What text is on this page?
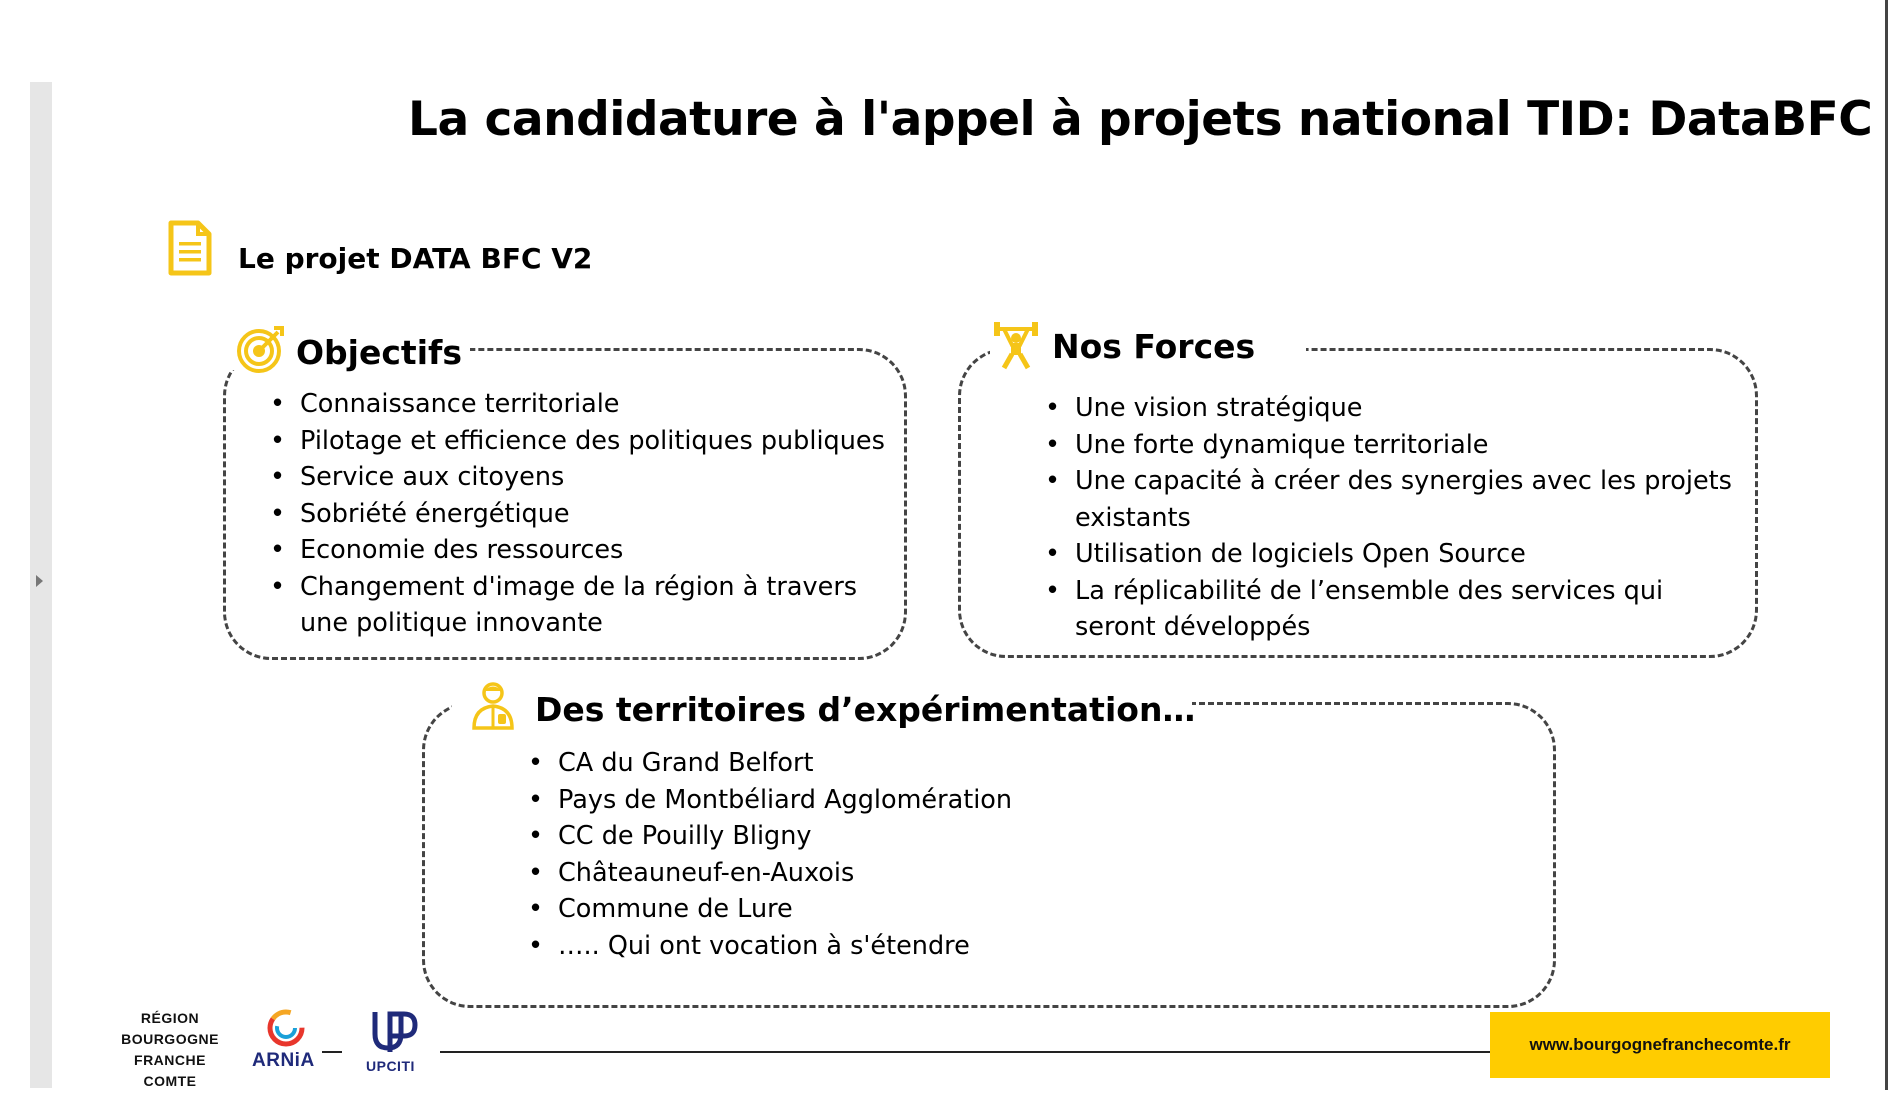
La candidature à l'appel à projets national TID: DataBFC
Le projet DATA BFC V2
Objectifs
• Connaissance territoriale
• Pilotage et efficience des politiques publiques
• Service aux citoyens
• Sobriété énergétique
• Economie des ressources
• Changement d'image de la région à travers une politique innovante
Nos Forces
• Une vision stratégique
• Une forte dynamique territoriale
• Une capacité à créer des synergies avec les projets existants
• Utilisation de logiciels Open Source
• La réplicabilité de l’ensemble des services qui seront développés
Des territoires d’expérimentation…
• CA du Grand Belfort
• Pays de Montbéliard Agglomération
• CC de Pouilly Bligny
• Châteauneuf-en-Auxois
• Commune de Lure
• ….. Qui ont vocation à s'étendre
RÉGION
BOURGOGNE
FRANCHE
COMTE
ARNiA	UPCITI
www.bourgognefranchecomte.fr
